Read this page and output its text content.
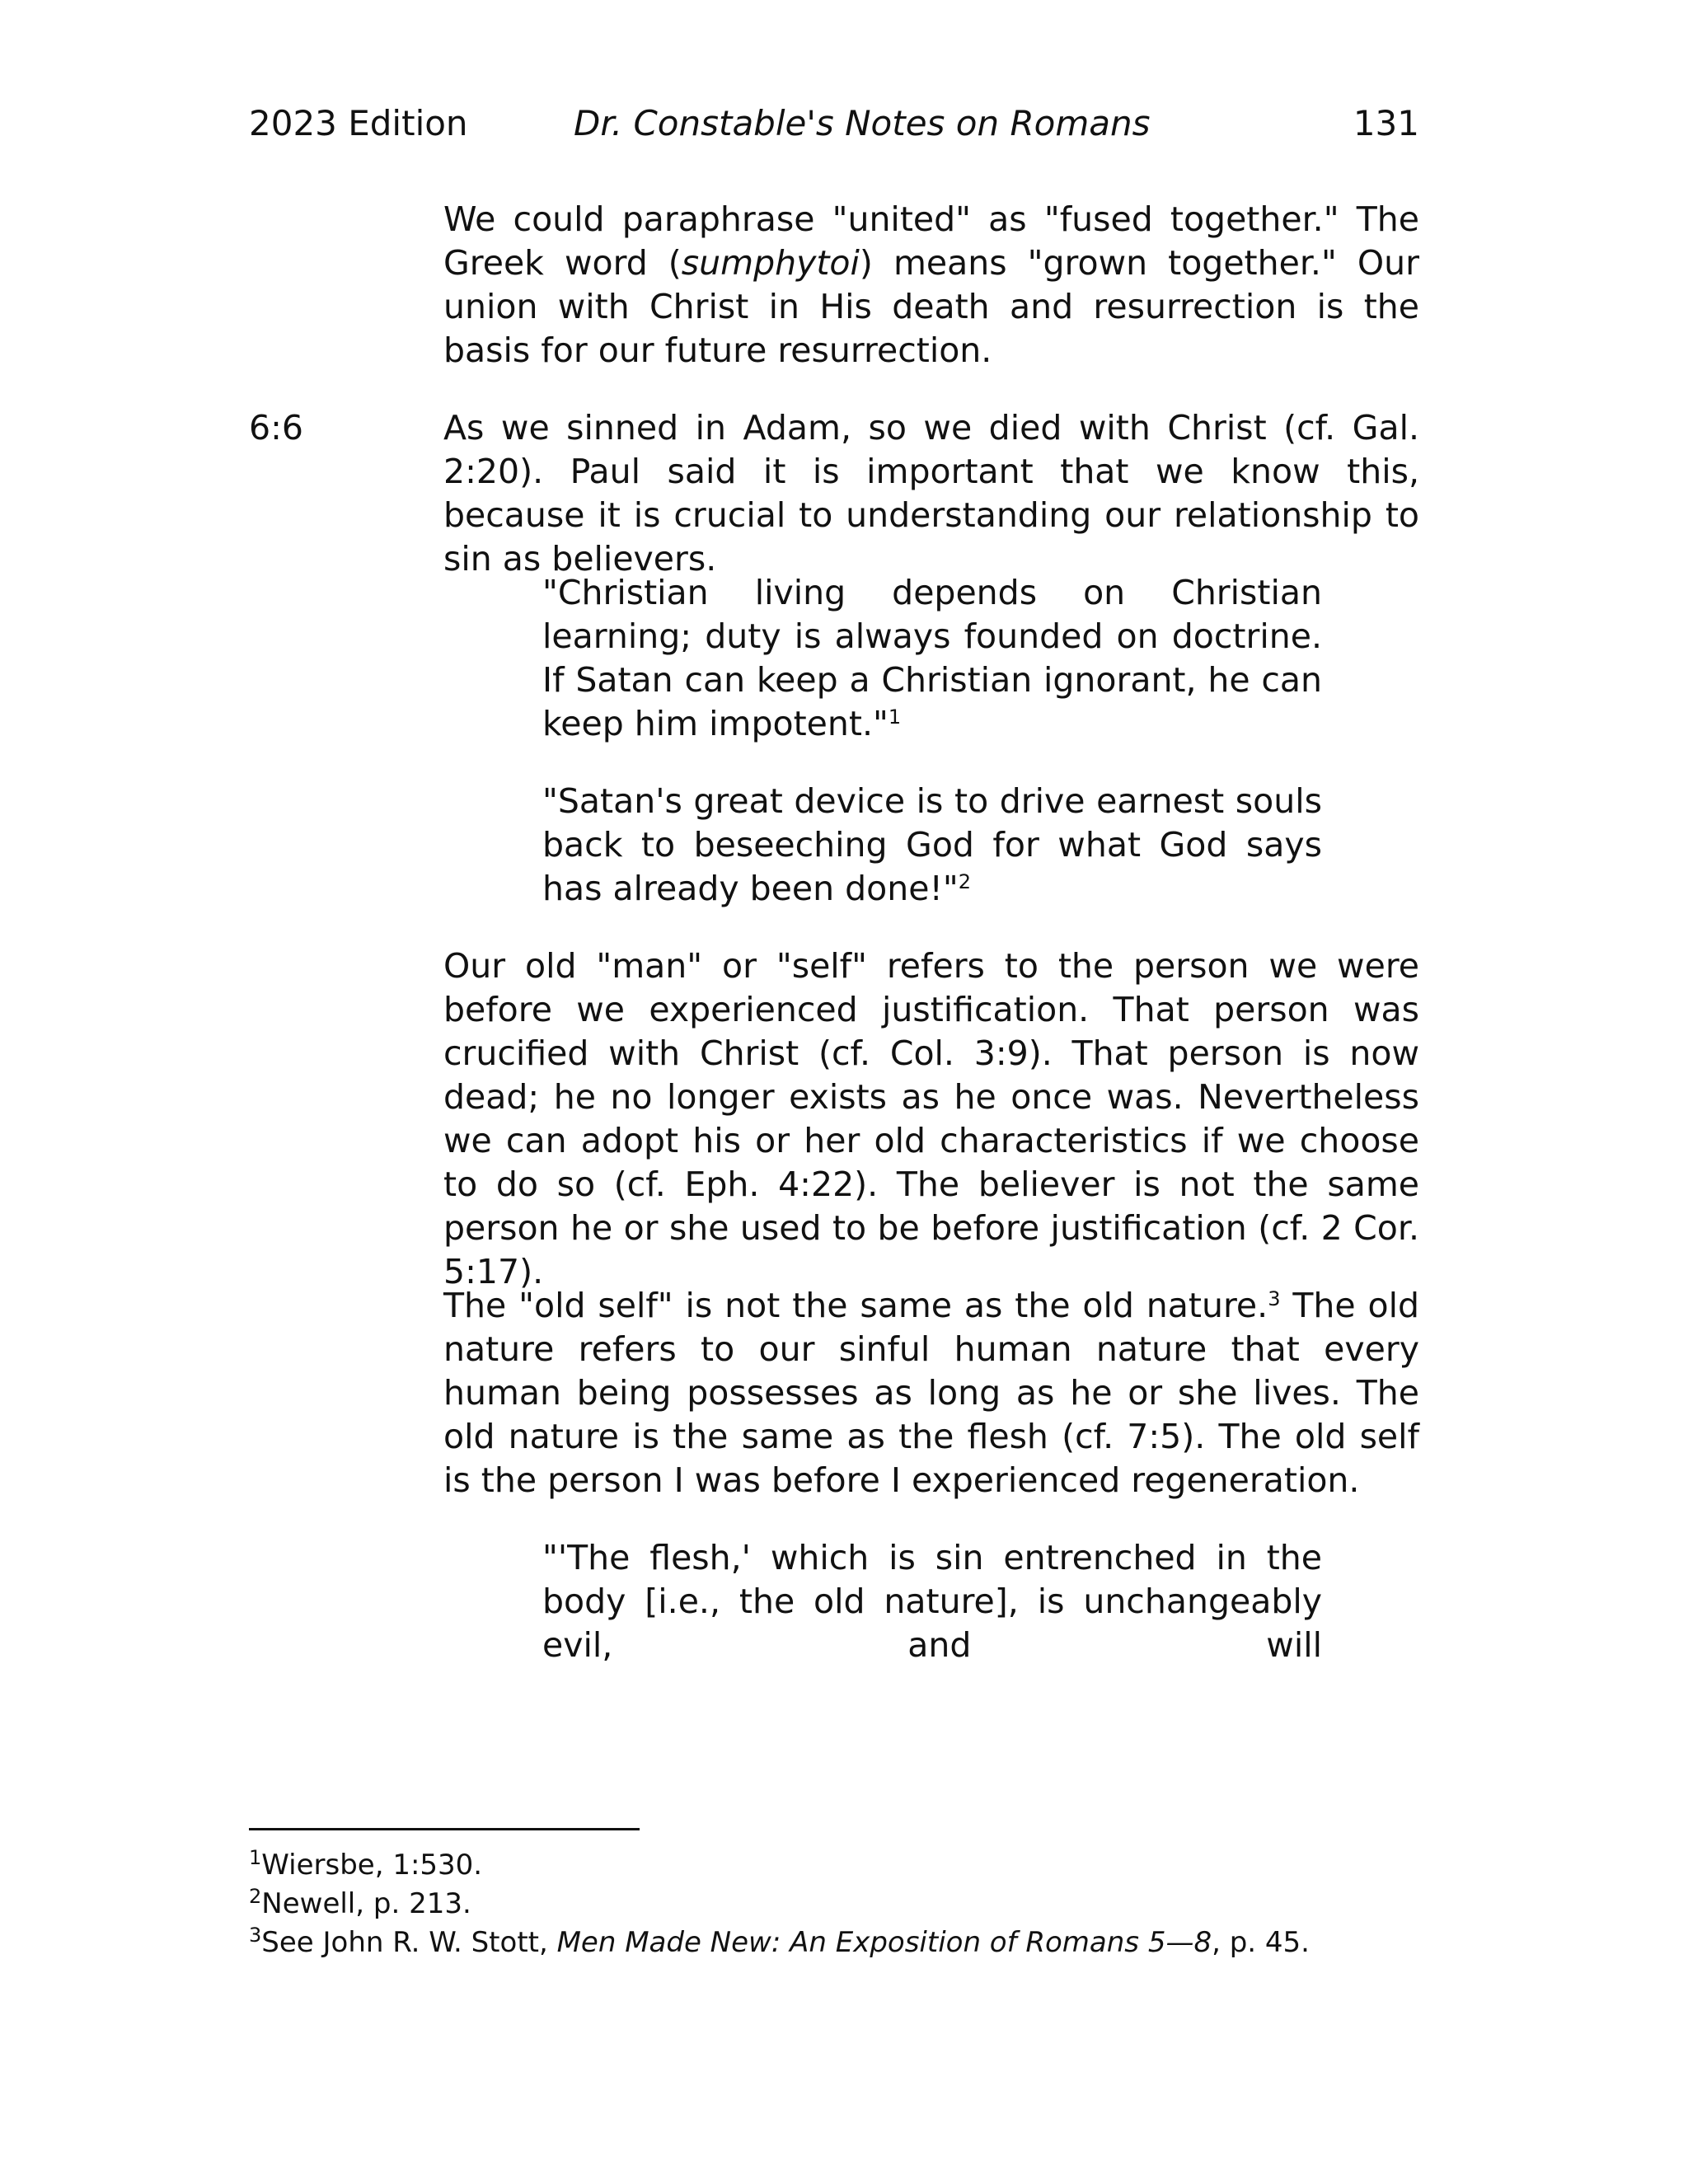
2023 Edition	Dr. Constable's Notes on Romans	131

We could paraphrase "united" as "fused together." The Greek word (sumphytoi) means "grown together." Our union with Christ in His death and resurrection is the basis for our future resurrection.

6:6	As we sinned in Adam, so we died with Christ (cf. Gal. 2:20). Paul said it is important that we know this, because it is crucial to understanding our relationship to sin as believers.

"Christian living depends on Christian learning; duty is always founded on doctrine. If Satan can keep a Christian ignorant, he can keep him impotent."$^1$

"Satan's great device is to drive earnest souls back to beseeching God for what God says has already been done!"$^2$

Our old "man" or "self" refers to the person we were before we experienced justification. That person was crucified with Christ (cf. Col. 3:9). That person is now dead; he no longer exists as he once was. Nevertheless we can adopt his or her old characteristics if we choose to do so (cf. Eph. 4:22). The believer is not the same person he or she used to be before justification (cf. 2 Cor. 5:17).

The "old self" is not the same as the old nature.$^3$ The old nature refers to our sinful human nature that every human being possesses as long as he or she lives. The old nature is the same as the flesh (cf. 7:5). The old self is the person I was before I experienced regeneration.

"'The flesh,' which is sin entrenched in the body [i.e., the old nature], is unchangeably evil, and will

$^1$Wiersbe, 1:530.

$^2$Newell, p. 213.

$^3$See John R. W. Stott, Men Made New: An Exposition of Romans 5—8, p. 45.
